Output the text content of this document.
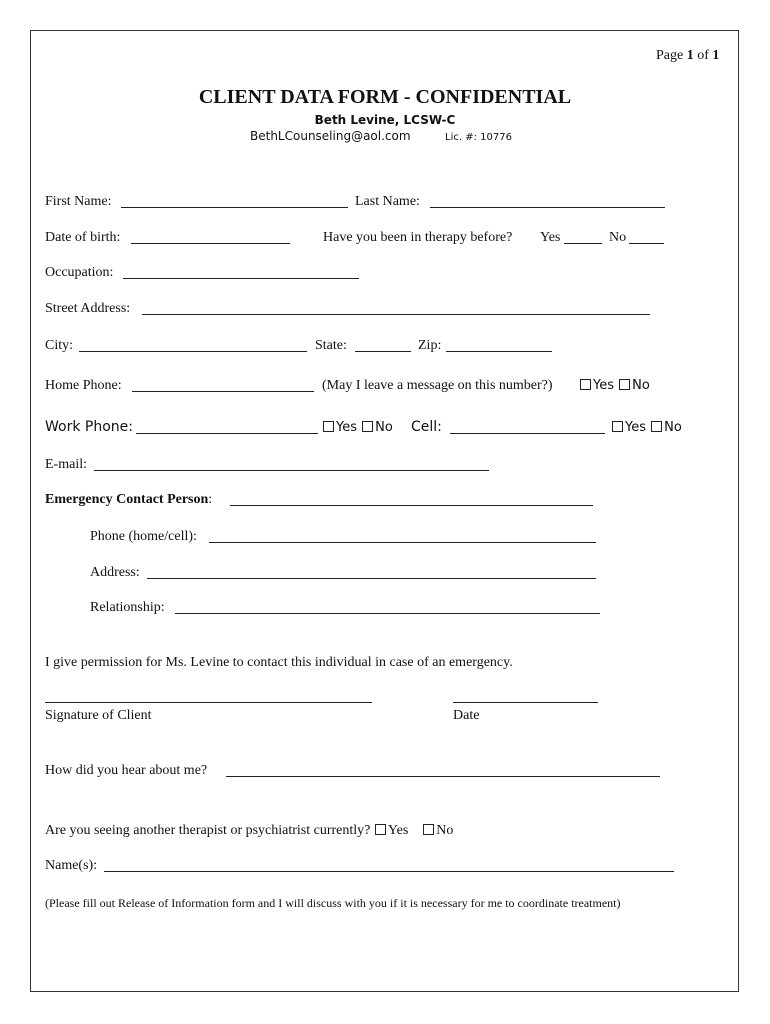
Page 1 of 1
CLIENT DATA FORM - CONFIDENTIAL
Beth Levine, LCSW-C
BethLCounseling@aol.com	Lic. #: 10776
First Name:	Last Name:
Date of birth:	Have you been in therapy before? Yes	No
Occupation:
Street Address:
City:	State:	Zip:
Home Phone:	(May I leave a message on this number?)	Yes No
Work Phone:	Yes No Cell:	Yes No
E-mail:
Emergency Contact Person:
Phone (home/cell):
Address:
Relationship:
I give permission for Ms. Levine to contact this individual in case of an emergency.
Signature of Client	Date
How did you hear about me?
Are you seeing another therapist or psychiatrist currently? Yes No
Name(s):
(Please fill out Release of Information form and I will discuss with you if it is necessary for me to coordinate treatment)
